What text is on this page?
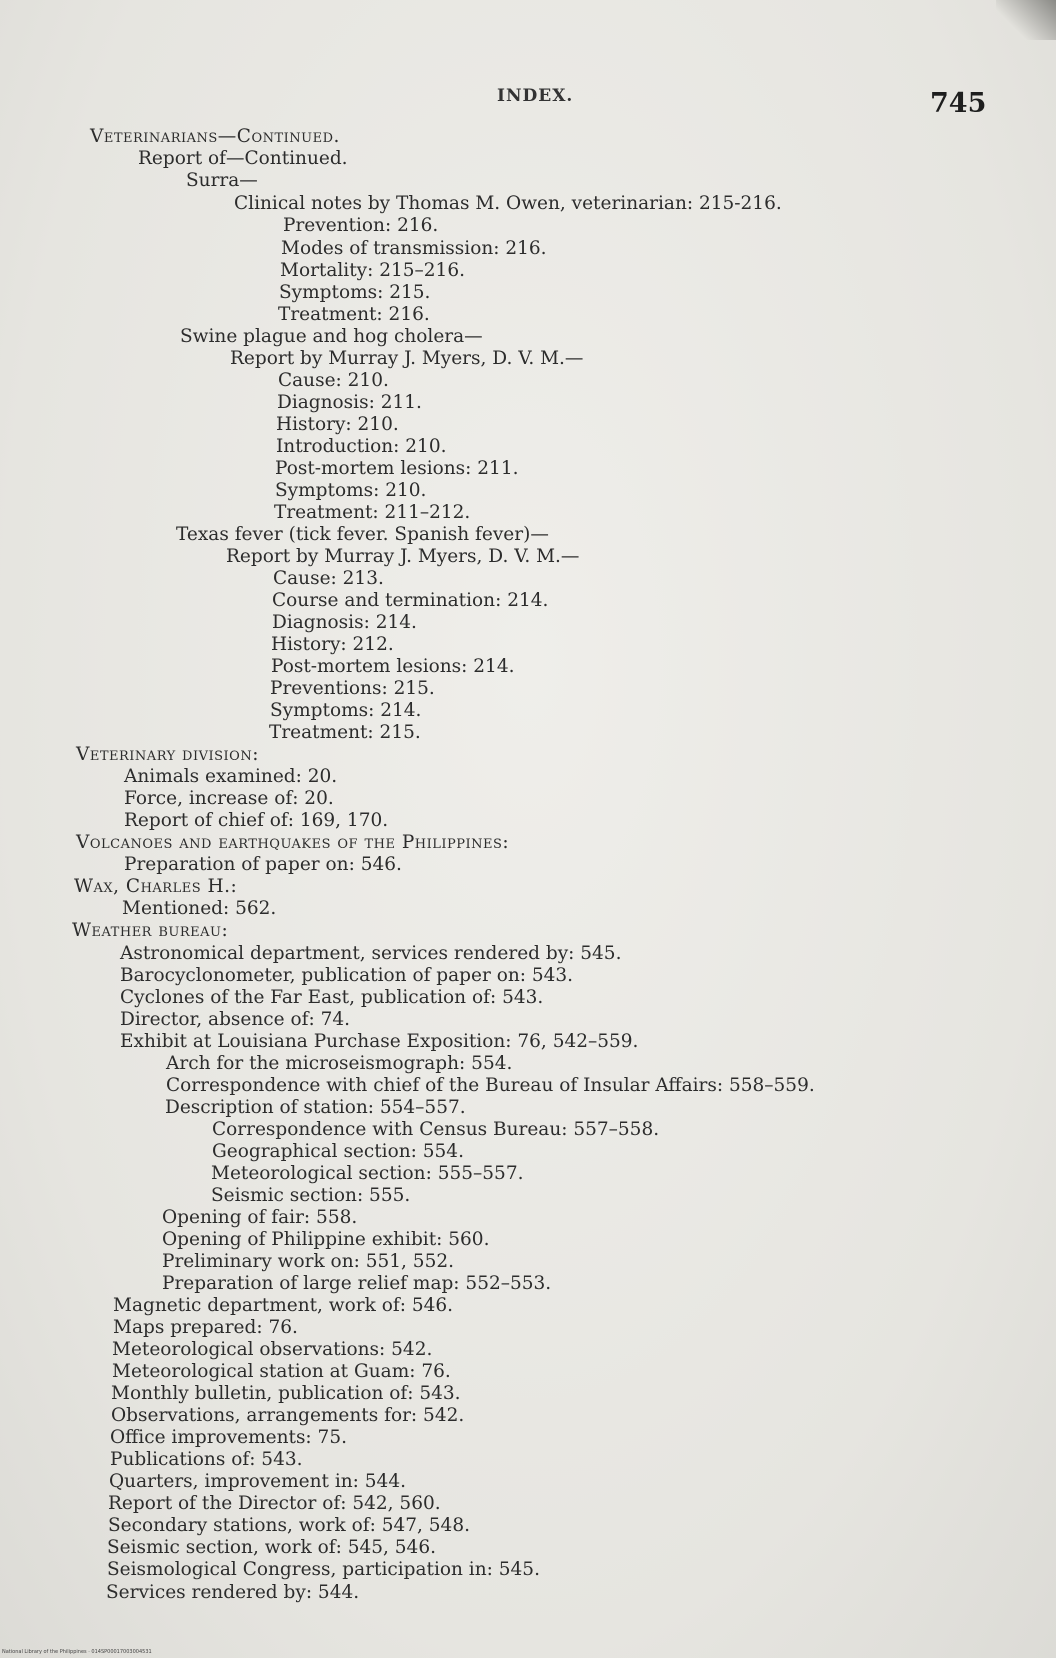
INDEX.	745
Veterinarians—Continued.
Report of—Continued.
Surra—
Clinical notes by Thomas M. Owen, veterinarian: 215-216.
Prevention: 216.
Modes of transmission: 216.
Mortality: 215–216.
Symptoms: 215.
Treatment: 216.
Swine plague and hog cholera—
Report by Murray J. Myers, D. V. M.—
Cause: 210.
Diagnosis: 211.
History: 210.
Introduction: 210.
Post-mortem lesions: 211.
Symptoms: 210.
Treatment: 211–212.
Texas fever (tick fever. Spanish fever)—
Report by Murray J. Myers, D. V. M.—
Cause: 213.
Course and termination: 214.
Diagnosis: 214.
History: 212.
Post-mortem lesions: 214.
Preventions: 215.
Symptoms: 214.
Treatment: 215.
Veterinary division:
Animals examined: 20.
Force, increase of: 20.
Report of chief of: 169, 170.
Volcanoes and earthquakes of the Philippines:
Preparation of paper on: 546.
Wax, Charles H.:
Mentioned: 562.
Weather bureau:
Astronomical department, services rendered by: 545.
Barocyclonometer, publication of paper on: 543.
Cyclones of the Far East, publication of: 543.
Director, absence of: 74.
Exhibit at Louisiana Purchase Exposition: 76, 542–559.
Arch for the microseismograph: 554.
Correspondence with chief of the Bureau of Insular Affairs: 558–559.
Description of station: 554–557.
Correspondence with Census Bureau: 557–558.
Geographical section: 554.
Meteorological section: 555–557.
Seismic section: 555.
Opening of fair: 558.
Opening of Philippine exhibit: 560.
Preliminary work on: 551, 552.
Preparation of large relief map: 552–553.
Magnetic department, work of: 546.
Maps prepared: 76.
Meteorological observations: 542.
Meteorological station at Guam: 76.
Monthly bulletin, publication of: 543.
Observations, arrangements for: 542.
Office improvements: 75.
Publications of: 543.
Quarters, improvement in: 544.
Report of the Director of: 542, 560.
Secondary stations, work of: 547, 548.
Seismic section, work of: 545, 546.
Seismological Congress, participation in: 545.
Services rendered by: 544.
National Library of the Philippines · 014SP00017003004531
